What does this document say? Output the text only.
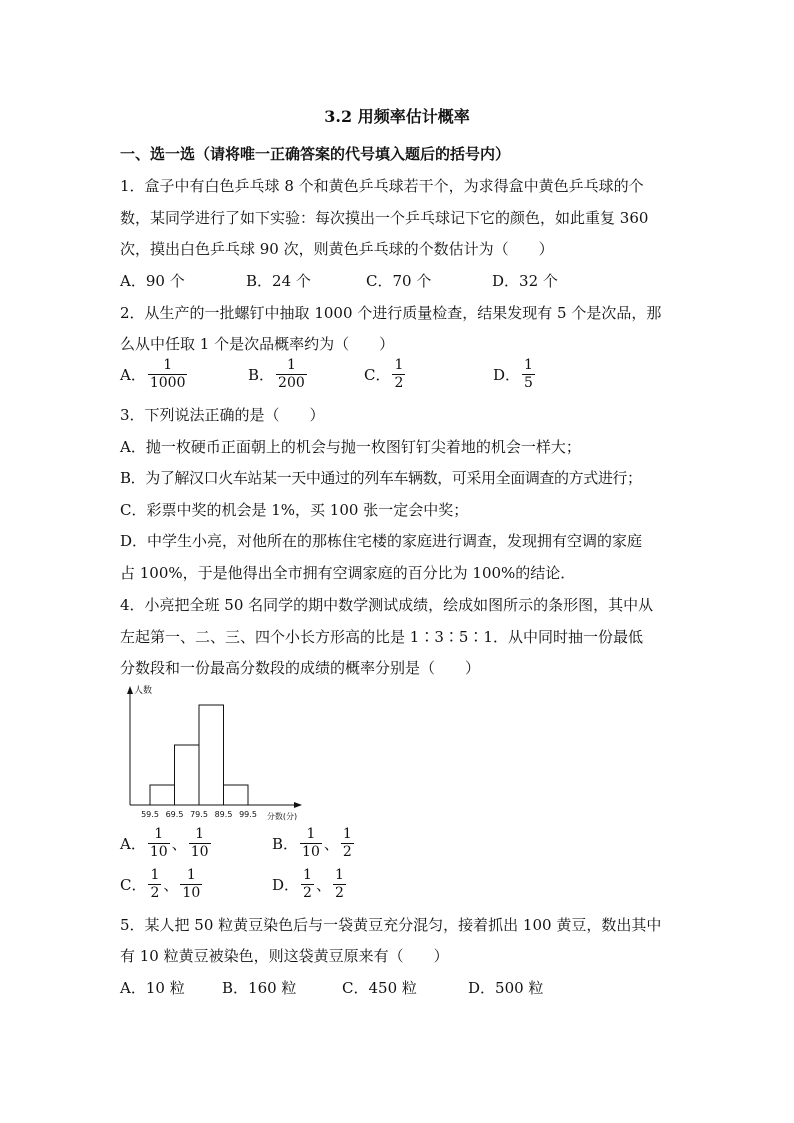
3.2 用频率估计概率
一、选一选（请将唯一正确答案的代号填入题后的括号内）
1．盒子中有白色乒乓球 8 个和黄色乒乓球若干个，为求得盒中黄色乒乓球的个
数，某同学进行了如下实验：每次摸出一个乒乓球记下它的颜色，如此重复 360
次，摸出白色乒乓球 90 次，则黄色乒乓球的个数估计为（　　）
A．90 个	B．24 个	C．70 个	D．32 个
2．从生产的一批螺钉中抽取 1000 个进行质量检查，结果发现有 5 个是次品，那
么从中任取 1 个是次品概率约为（　　）
A． $\frac{1}{1000}$	B． $\frac{1}{200}$	C． $\frac{1}{2}$	D． $\frac{1}{5}$
3．下列说法正确的是（　　）
A．抛一枚硬币正面朝上的机会与抛一枚图钉钉尖着地的机会一样大；
B．为了解汉口火车站某一天中通过的列车车辆数，可采用全面调查的方式进行；
C．彩票中奖的机会是 1%，买 100 张一定会中奖；
D．中学生小亮，对他所在的那栋住宅楼的家庭进行调查，发现拥有空调的家庭
占 100%，于是他得出全市拥有空调家庭的百分比为 100%的结论．
4．小亮把全班 50 名同学的期中数学测试成绩，绘成如图所示的条形图，其中从
左起第一、二、三、四个小长方形高的比是 1∶3∶5∶1．从中同时抽一份最低
分数段和一份最高分数段的成绩的概率分别是（　　）
59.5 69.5 79.5 89.5 99.5
人数
分数(分)
A． $\frac{1}{10}$ 、 $\frac{1}{10}$	B． $\frac{1}{10}$ 、 $\frac{1}{2}$
C． $\frac{1}{2}$ 、 $\frac{1}{10}$	D． $\frac{1}{2}$ 、 $\frac{1}{2}$
5．某人把 50 粒黄豆染色后与一袋黄豆充分混匀，接着抓出 100 黄豆，数出其中
有 10 粒黄豆被染色，则这袋黄豆原来有（　　）
A．10 粒 B．160 粒	C．450 粒	D．500 粒
